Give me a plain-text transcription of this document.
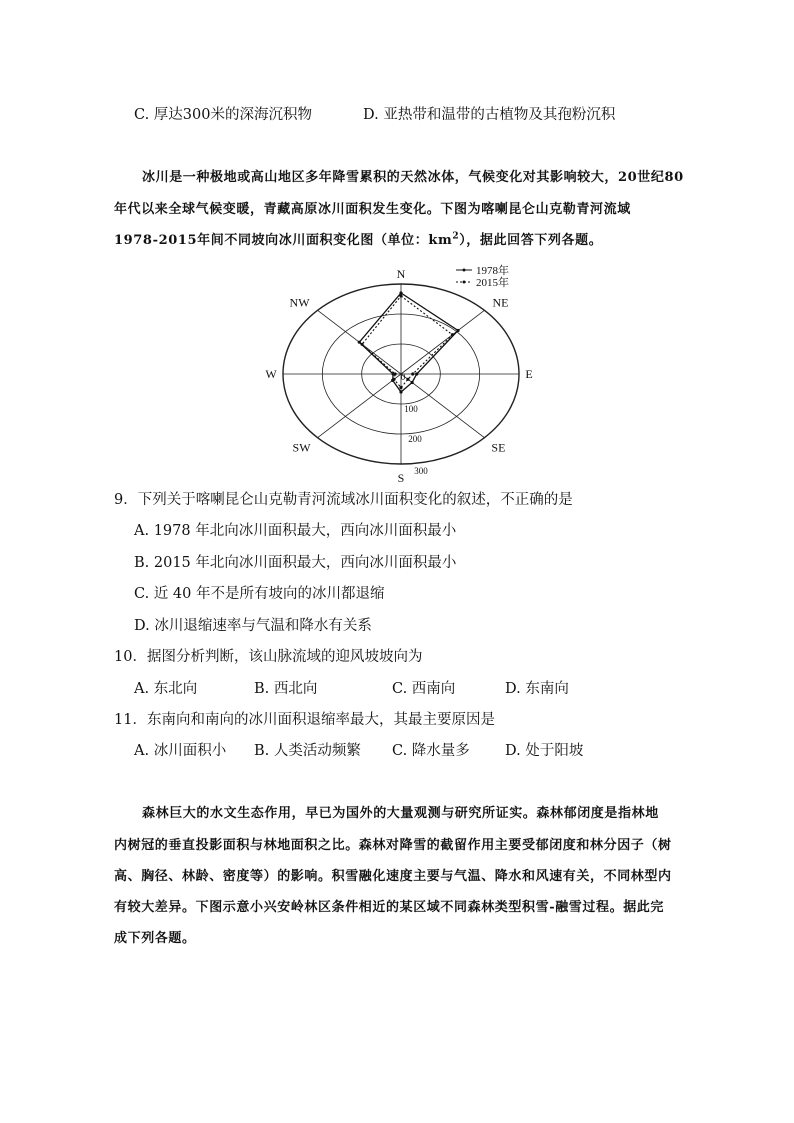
C. 厚达300米的深海沉积物	D. 亚热带和温带的古植物及其孢粉沉积
冰川是一种极地或高山地区多年降雪累积的天然冰体，气候变化对其影响较大，20世纪80
年代以来全球气候变暖，青藏高原冰川面积发生变化。下图为喀喇昆仑山克勒青河流域
1978-2015年间不同坡向冰川面积变化图（单位：$km^2$），据此回答下列各题。
N
NE
E
SE
S
SW
W
NW
0
100
200
300
1978年
2015年
9．下列关于喀喇昆仑山克勒青河流域冰川面积变化的叙述，不正确的是
A. 1978 年北向冰川面积最大，西向冰川面积最小
B. 2015 年北向冰川面积最大，西向冰川面积最小
C. 近 40 年不是所有坡向的冰川都退缩
D. 冰川退缩速率与气温和降水有关系
10．据图分析判断，该山脉流域的迎风坡坡向为
A. 东北向	B. 西北向	C. 西南向	D. 东南向
11．东南向和南向的冰川面积退缩率最大，其最主要原因是
A. 冰川面积小 B. 人类活动频繁 C. 降水量多 D. 处于阳坡
森林巨大的水文生态作用，早已为国外的大量观测与研究所证实。森林郁闭度是指林地
内树冠的垂直投影面积与林地面积之比。森林对降雪的截留作用主要受郁闭度和林分因子（树
高、胸径、林龄、密度等）的影响。积雪融化速度主要与气温、降水和风速有关，不同林型内
有较大差异。下图示意小兴安岭林区条件相近的某区域不同森林类型积雪-融雪过程。据此完
成下列各题。
